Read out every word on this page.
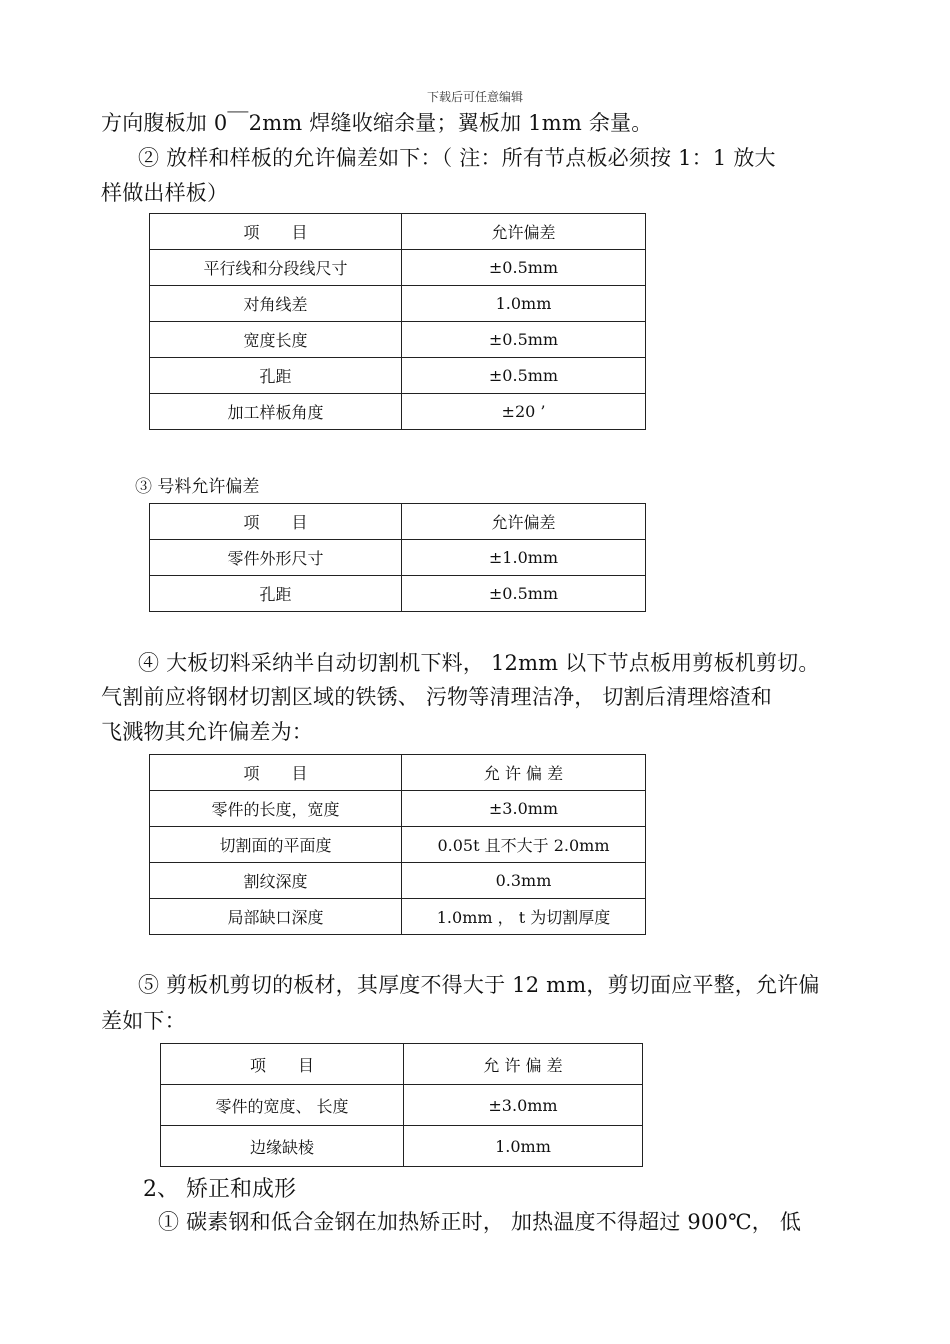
下载后可任意编辑
方向腹板加 0￣2mm 焊缝收缩余量；翼板加 1mm 余量。
② 放样和样板的允许偏差如下：（ 注：所有节点板必须按 1：1 放大
样做出样板）
项　　目	允许偏差
平行线和分段线尺寸	±0.5mm
对角线差	1.0mm
宽度长度	±0.5mm
孔距	±0.5mm
加工样板角度	±20 ’
③ 号料允许偏差
项　　目	允许偏差
零件外形尺寸	±1.0mm
孔距	±0.5mm
④ 大板切料采纳半自动切割机下料， 12mm 以下节点板用剪板机剪切。
气割前应将钢材切割区域的铁锈、 污物等清理洁净， 切割后清理熔渣和
飞溅物其允许偏差为：
项　　目	允 许 偏 差
零件的长度，宽度	±3.0mm
切割面的平面度	0.05t 且不大于 2.0mm
割纹深度	0.3mm
局部缺口深度	1.0mm ， t 为切割厚度
⑤ 剪板机剪切的板材，其厚度不得大于 12 mm，剪切面应平整，允许偏
差如下：
项　　目	允 许 偏 差
零件的宽度、 长度	±3.0mm
边缘缺棱	1.0mm
2、 矫正和成形
① 碳素钢和低合金钢在加热矫正时， 加热温度不得超过 900℃， 低
